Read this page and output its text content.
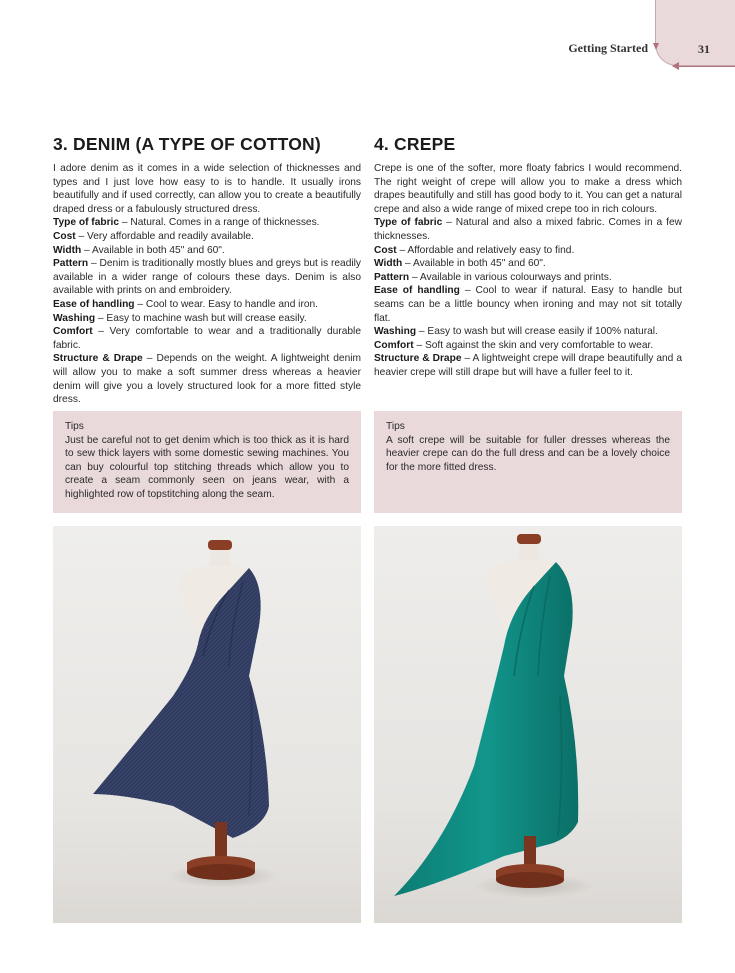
Getting Started	31
3. DENIM (A TYPE OF COTTON)

I adore denim as it comes in a wide selection of thicknesses and types and I just love how easy to is to handle. It usually irons beautifully and if used correctly, can allow you to create a beautifully draped dress or a fabulously structured dress.

Type of fabric – Natural. Comes in a range of thicknesses.

Cost – Very affordable and readily available.

Width – Available in both 45" and 60".

Pattern – Denim is traditionally mostly blues and greys but is readily available in a wider range of colours these days. Denim is also available with prints on and embroidery.

Ease of handling – Cool to wear. Easy to handle and iron.

Washing – Easy to machine wash but will crease easily.

Comfort – Very comfortable to wear and a traditionally durable fabric.

Structure & Drape – Depends on the weight. A lightweight denim will allow you to make a soft summer dress whereas a heavier denim will give you a lovely structured look for a more fitted style dress.

4. CREPE

Crepe is one of the softer, more floaty fabrics I would recommend. The right weight of crepe will allow you to make a dress which drapes beautifully and still has good body to it. You can get a natural crepe and also a wide range of mixed crepe too in rich colours.

Type of fabric – Natural and also a mixed fabric. Comes in a few thicknesses.

Cost – Affordable and relatively easy to find.

Width – Available in both 45" and 60".

Pattern – Available in various colourways and prints.

Ease of handling – Cool to wear if natural. Easy to handle but seams can be a little bouncy when ironing and may not sit totally flat.

Washing – Easy to wash but will crease easily if 100% natural.

Comfort – Soft against the skin and very comfortable to wear.

Structure & Drape – A lightweight crepe will drape beautifully and a heavier crepe will still drape but will have a fuller feel to it.

Tips
Just be careful not to get denim which is too thick as it is hard to sew thick layers with some domestic sewing machines. You can buy colourful top stitching threads which allow you to create a seam commonly seen on jeans wear, with a highlighted row of topstitching along the seam.
Tips
A soft crepe will be suitable for fuller dresses whereas the heavier crepe can do the full dress and can be a lovely choice for the more fitted dress.
